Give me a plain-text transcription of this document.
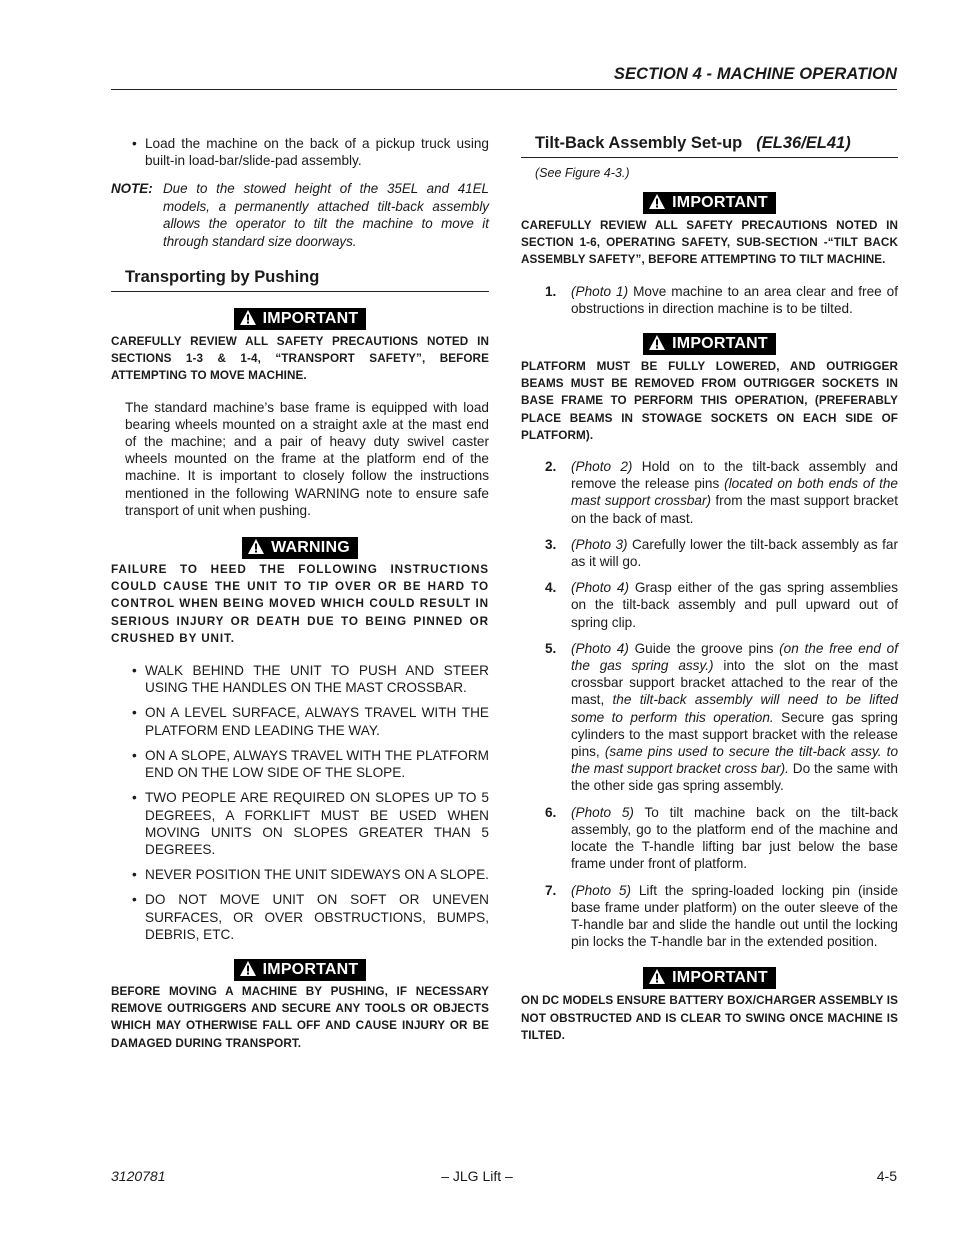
SECTION 4 - MACHINE OPERATION
• Load the machine on the back of a pickup truck using built-in load-bar/slide-pad assembly.
NOTE: Due to the stowed height of the 35EL and 41EL models, a permanently attached tilt-back assembly allows the operator to tilt the machine to move it through standard size doorways.
Transporting by Pushing
IMPORTANT

CAREFULLY REVIEW ALL SAFETY PRECAUTIONS NOTED IN SECTIONS 1-3 & 1-4, “TRANSPORT SAFETY”, BEFORE ATTEMPTING TO MOVE MACHINE.

The standard machine’s base frame is equipped with load bearing wheels mounted on a straight axle at the mast end of the machine; and a pair of heavy duty swivel caster wheels mounted on the frame at the platform end of the machine. It is important to closely follow the instructions mentioned in the following WARNING note to ensure safe transport of unit when pushing.

WARNING

FAILURE TO HEED THE FOLLOWING INSTRUCTIONS COULD CAUSE THE UNIT TO TIP OVER OR BE HARD TO CONTROL WHEN BEING MOVED WHICH COULD RESULT IN SERIOUS INJURY OR DEATH DUE TO BEING PINNED OR CRUSHED BY UNIT.

• WALK BEHIND THE UNIT TO PUSH AND STEER USING THE HANDLES ON THE MAST CROSSBAR.
• ON A LEVEL SURFACE, ALWAYS TRAVEL WITH THE PLATFORM END LEADING THE WAY.
• ON A SLOPE, ALWAYS TRAVEL WITH THE PLATFORM END ON THE LOW SIDE OF THE SLOPE.
• TWO PEOPLE ARE REQUIRED ON SLOPES UP TO 5 DEGREES, A FORKLIFT MUST BE USED WHEN MOVING UNITS ON SLOPES GREATER THAN 5 DEGREES.
• NEVER POSITION THE UNIT SIDEWAYS ON A SLOPE.
• DO NOT MOVE UNIT ON SOFT OR UNEVEN SURFACES, OR OVER OBSTRUCTIONS, BUMPS, DEBRIS, ETC.
IMPORTANT

BEFORE MOVING A MACHINE BY PUSHING, IF NECESSARY REMOVE OUTRIGGERS AND SECURE ANY TOOLS OR OBJECTS WHICH MAY OTHERWISE FALL OFF AND CAUSE INJURY OR BE DAMAGED DURING TRANSPORT.

Tilt-Back Assembly Set-up (EL36/EL41)

(See Figure 4-3.)

IMPORTANT

CAREFULLY REVIEW ALL SAFETY PRECAUTIONS NOTED IN SECTION 1-6, OPERATING SAFETY, SUB-SECTION -“TILT BACK ASSEMBLY SAFETY”, BEFORE ATTEMPTING TO TILT MACHINE.

1. (Photo 1) Move machine to an area clear and free of obstructions in direction machine is to be tilted.
IMPORTANT

PLATFORM MUST BE FULLY LOWERED, AND OUTRIGGER BEAMS MUST BE REMOVED FROM OUTRIGGER SOCKETS IN BASE FRAME TO PERFORM THIS OPERATION, (PREFERABLY PLACE BEAMS IN STOWAGE SOCKETS ON EACH SIDE OF PLATFORM).

2. (Photo 2) Hold on to the tilt-back assembly and remove the release pins (located on both ends of the mast support crossbar) from the mast support bracket on the back of mast.
3. (Photo 3) Carefully lower the tilt-back assembly as far as it will go.
4. (Photo 4) Grasp either of the gas spring assemblies on the tilt-back assembly and pull upward out of spring clip.
5. (Photo 4) Guide the groove pins (on the free end of the gas spring assy.) into the slot on the mast crossbar support bracket attached to the rear of the mast, the tilt-back assembly will need to be lifted some to perform this operation. Secure gas spring cylinders to the mast support bracket with the release pins, (same pins used to secure the tilt-back assy. to the mast support bracket cross bar). Do the same with the other side gas spring assembly.
6. (Photo 5) To tilt machine back on the tilt-back assembly, go to the platform end of the machine and locate the T-handle lifting bar just below the base frame under front of platform.
7. (Photo 5) Lift the spring-loaded locking pin (inside base frame under platform) on the outer sleeve of the T-handle bar and slide the handle out until the locking pin locks the T-handle bar in the extended position.
IMPORTANT

ON DC MODELS ENSURE BATTERY BOX/CHARGER ASSEMBLY IS NOT OBSTRUCTED AND IS CLEAR TO SWING ONCE MACHINE IS TILTED.

3120781	– JLG Lift –	4-5
